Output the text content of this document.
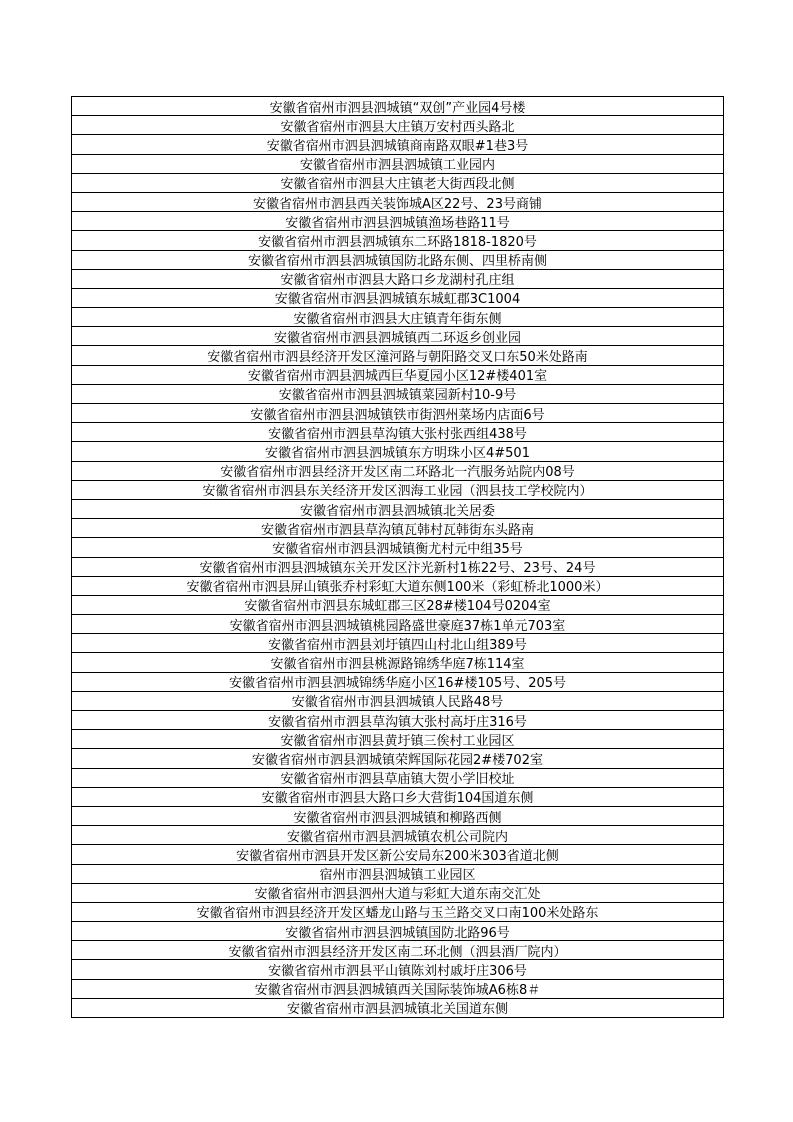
安徽省宿州市泗县泗城镇“双创”产业园4号楼
安徽省宿州市泗县大庄镇万安村西头路北
安徽省宿州市泗县泗城镇商南路双眼#1巷3号
安徽省宿州市泗县泗城镇工业园内
安徽省宿州市泗县大庄镇老大街西段北侧
安徽省宿州市泗县西关装饰城A区22号、23号商铺
安徽省宿州市泗县泗城镇渔场巷路11号
安徽省宿州市泗县泗城镇东二环路1818-1820号
安徽省宿州市泗县泗城镇国防北路东侧、四里桥南侧
安徽省宿州市泗县大路口乡龙湖村孔庄组
安徽省宿州市泗县泗城镇东城虹郡3C1004
安徽省宿州市泗县大庄镇青年街东侧
安徽省宿州市泗县泗城镇西二环返乡创业园
安徽省宿州市泗县经济开发区潼河路与朝阳路交叉口东50米处路南
安徽省宿州市泗县泗城西巨华夏园小区12#楼401室
安徽省宿州市泗县泗城镇菜园新村10-9号
安徽省宿州市泗县泗城镇铁市街泗州菜场内店面6号
安徽省宿州市泗县草沟镇大张村张西组438号
安徽省宿州市泗县泗城镇东方明珠小区4#501
安徽省宿州市泗县经济开发区南二环路北一汽服务站院内08号
安徽省宿州市泗县东关经济开发区泗海工业园（泗县技工学校院内）
安徽省宿州市泗县泗城镇北关居委
安徽省宿州市泗县草沟镇瓦韩村瓦韩街东头路南
安徽省宿州市泗县泗城镇衡尤村元中组35号
安徽省宿州市泗县泗城镇东关开发区汴光新村1栋22号、23号、24号
安徽省宿州市泗县屏山镇张乔村彩虹大道东侧100米（彩虹桥北1000米）
安徽省宿州市泗县东城虹郡三区28#楼104号0204室
安徽省宿州市泗县泗城镇桃园路盛世豪庭37栋1单元703室
安徽省宿州市泗县刘圩镇四山村北山组389号
安徽省宿州市泗县桃源路锦绣华庭7栋114室
安徽省宿州市泗县泗城锦绣华庭小区16#楼105号、205号
安徽省宿州市泗县泗城镇人民路48号
安徽省宿州市泗县草沟镇大张村高圩庄316号
安徽省宿州市泗县黄圩镇三俟村工业园区
安徽省宿州市泗县泗城镇荣辉国际花园2#楼702室
安徽省宿州市泗县草庙镇大贺小学旧校址
安徽省宿州市泗县大路口乡大营街104国道东侧
安徽省宿州市泗县泗城镇和柳路西侧
安徽省宿州市泗县泗城镇农机公司院内
安徽省宿州市泗县开发区新公安局东200米303省道北侧
宿州市泗县泗城镇工业园区
安徽省宿州市泗县泗州大道与彩虹大道东南交汇处
安徽省宿州市泗县经济开发区蟠龙山路与玉兰路交叉口南100米处路东
安徽省宿州市泗县泗城镇国防北路96号
安徽省宿州市泗县经济开发区南二环北侧（泗县酒厂院内）
安徽省宿州市泗县平山镇陈刘村戚圩庄306号
安徽省宿州市泗县泗城镇西关国际装饰城A6栋8＃
安徽省宿州市泗县泗城镇北关国道东侧
